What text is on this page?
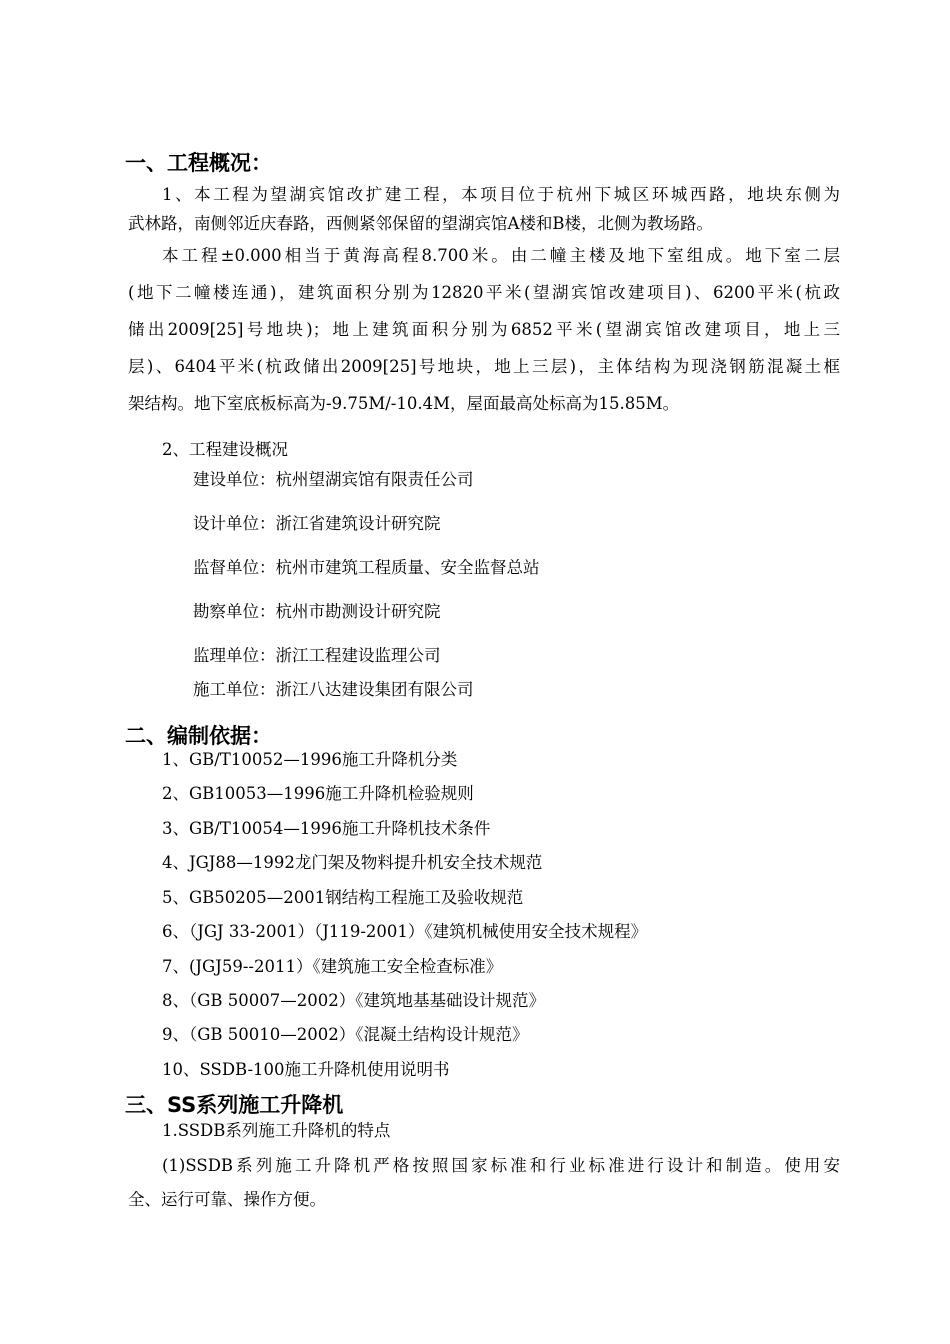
一、工程概况：
1、本工程为望湖宾馆改扩建工程，本项目位于杭州下城区环城西路，地块东侧为
武林路，南侧邻近庆春路，西侧紧邻保留的望湖宾馆A楼和B楼，北侧为教场路。
本工程±0.000相当于黄海高程8.700米。由二幢主楼及地下室组成。地下室二层
(地下二幢楼连通)，建筑面积分别为12820平米(望湖宾馆改建项目)、6200平米(杭政
储出2009[25]号地块)；地上建筑面积分别为6852平米(望湖宾馆改建项目，地上三
层)、6404平米(杭政储出2009[25]号地块，地上三层)，主体结构为现浇钢筋混凝土框
架结构。地下室底板标高为-9.75M/-10.4M，屋面最高处标高为15.85M。
2、工程建设概况
建设单位：杭州望湖宾馆有限责任公司
设计单位：浙江省建筑设计研究院
监督单位：杭州市建筑工程质量、安全监督总站
勘察单位：杭州市勘测设计研究院
监理单位：浙江工程建设监理公司
施工单位：浙江八达建设集团有限公司
二、编制依据：
1、GB/T10052—1996施工升降机分类
2、GB10053—1996施工升降机检验规则
3、GB/T10054—1996施工升降机技术条件
4、JGJ88—1992龙门架及物料提升机安全技术规范
5、GB50205—2001钢结构工程施工及验收规范
6、（JGJ 33-2001）（J119-2001）《建筑机械使用安全技术规程》
7、(JGJ59--2011）《建筑施工安全检查标准》
8、（GB 50007—2002）《建筑地基基础设计规范》
9、（GB 50010—2002）《混凝土结构设计规范》
10、SSDB-100施工升降机使用说明书
三、SS系列施工升降机
1.SSDB系列施工升降机的特点
(1)SSDB系列施工升降机严格按照国家标准和行业标准进行设计和制造。使用安
全、运行可靠、操作方便。
